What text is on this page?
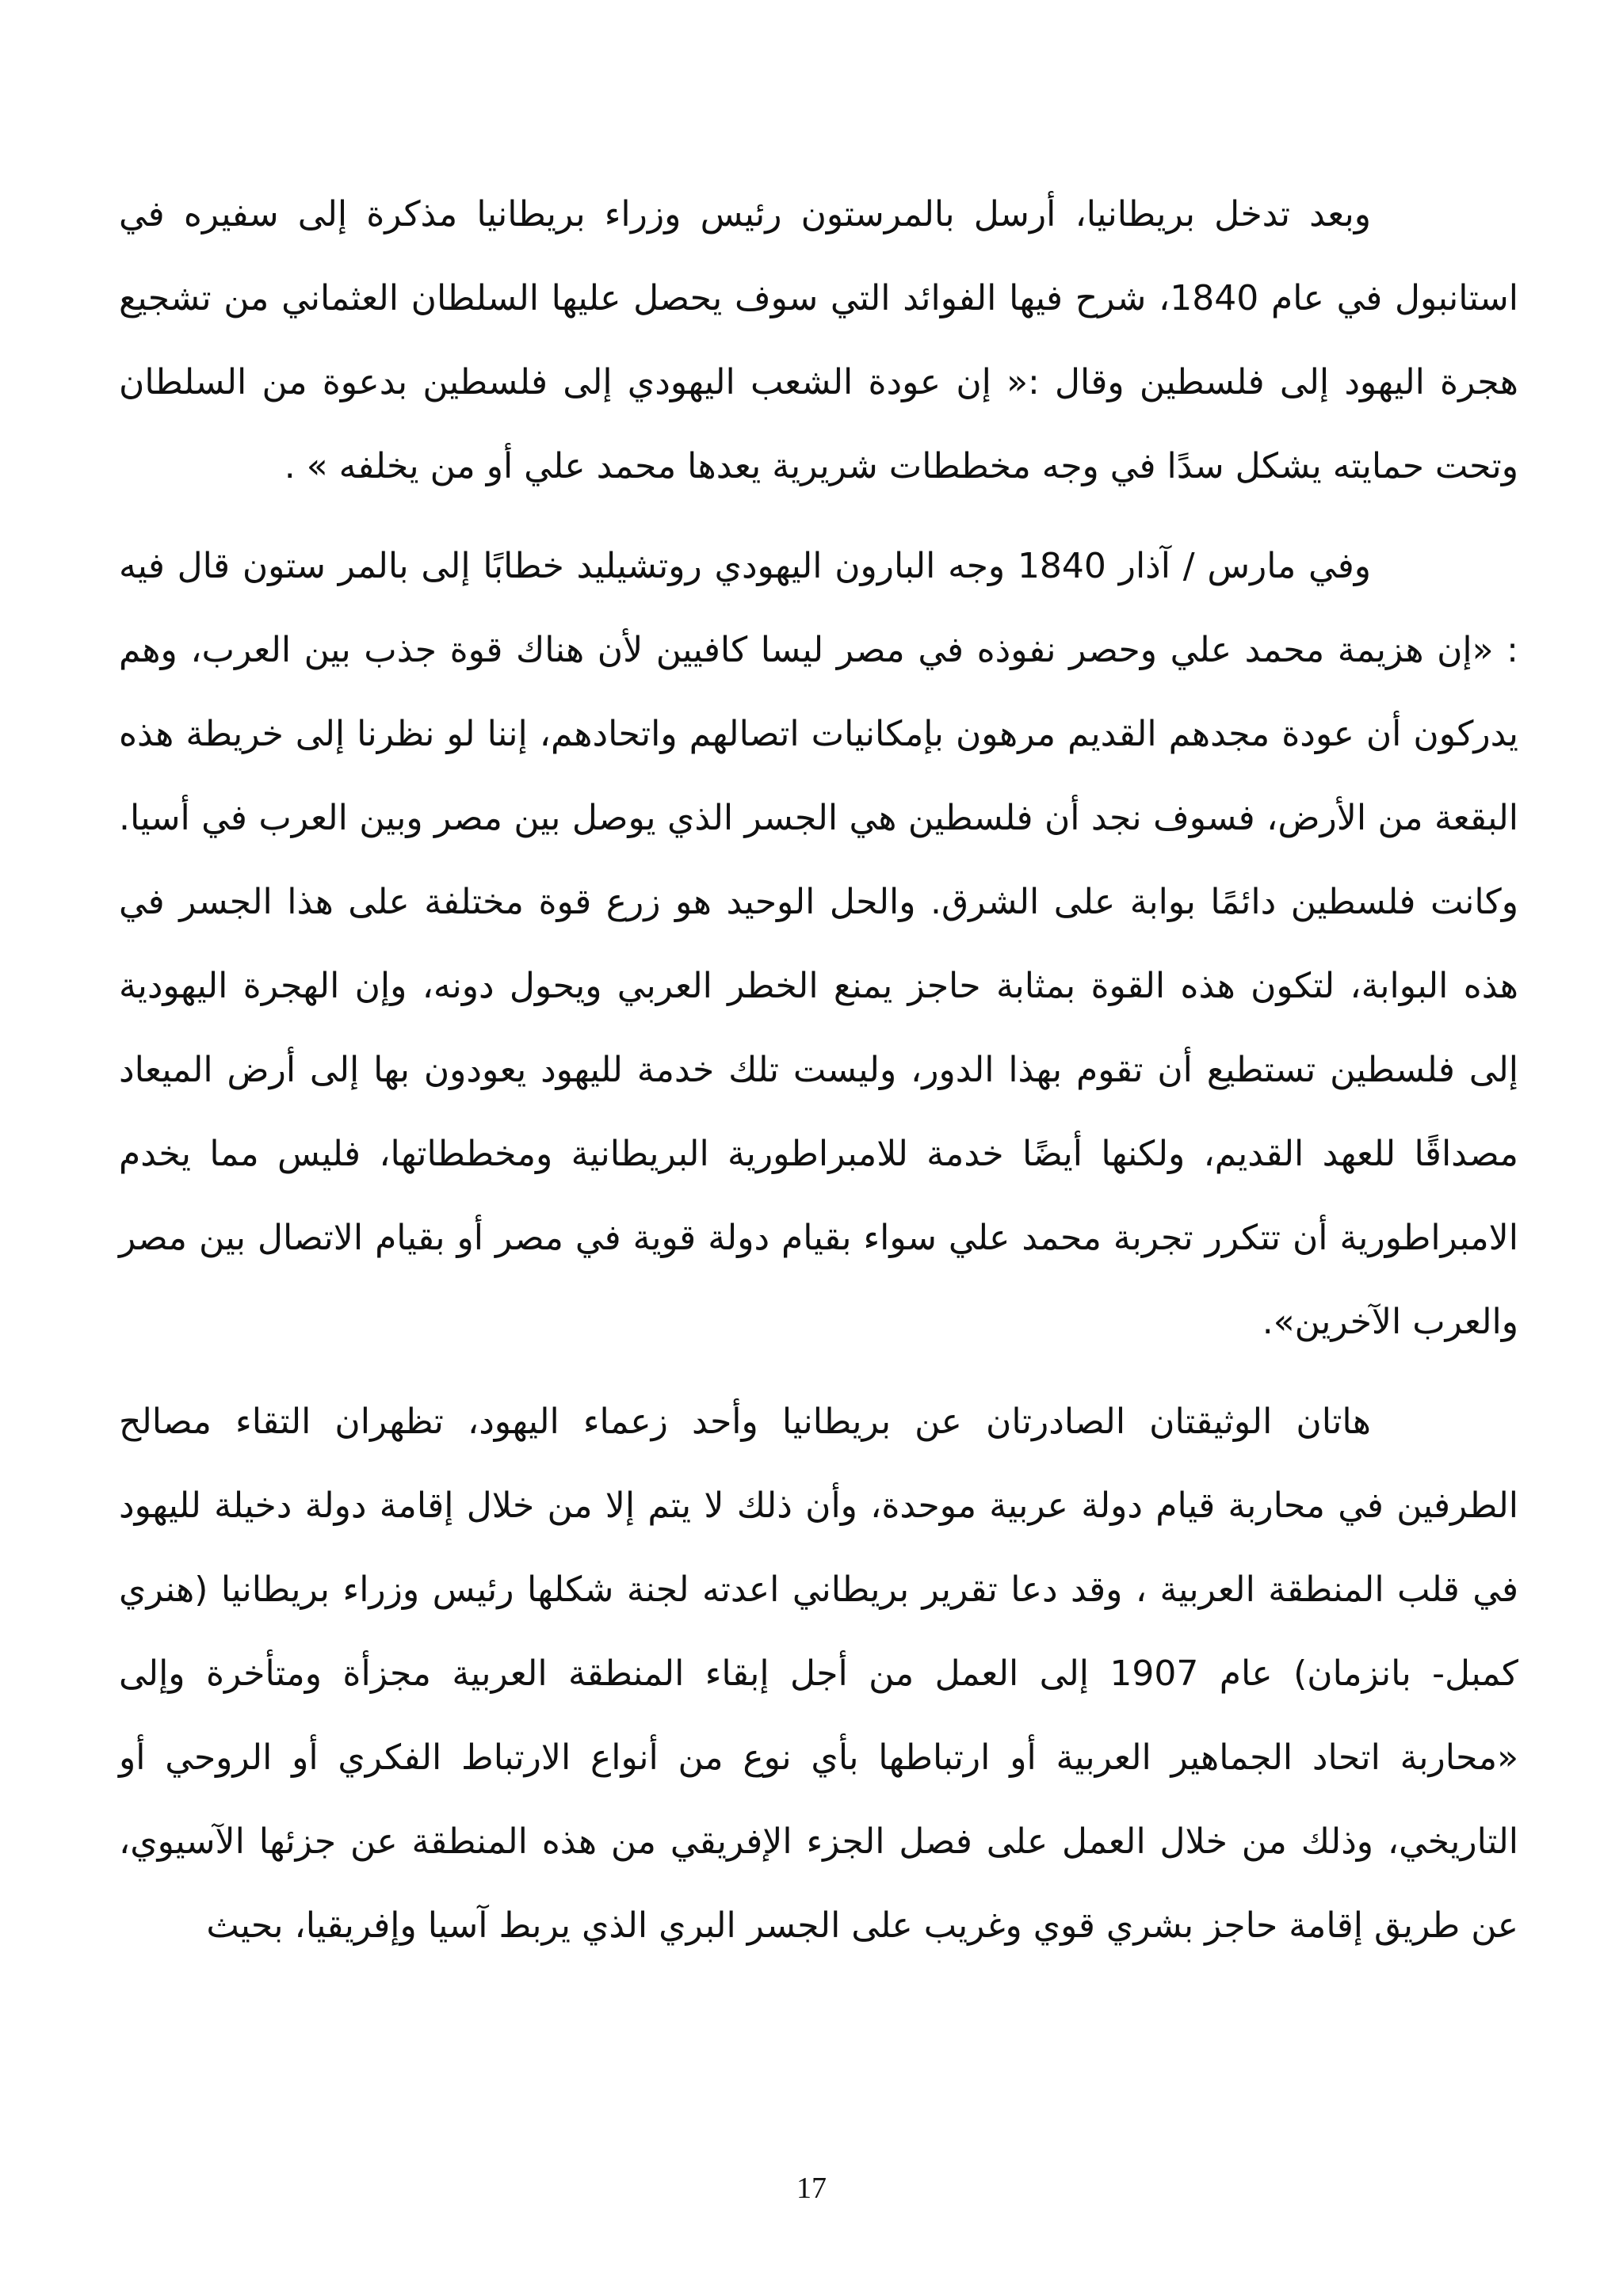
وبعد تدخل بريطانيا، أرسل بالمرستون رئيس وزراء بريطانيا مذكرة إلى سفيره في استانبول في عام 1840، شرح فيها الفوائد التي سوف يحصل عليها السلطان العثماني من تشجيع هجرة اليهود إلى فلسطين وقال :« إن عودة الشعب اليهودي إلى فلسطين بدعوة من السلطان وتحت حمايته يشكل سدًا في وجه مخططات شريرية يعدها محمد علي أو من يخلفه » .

وفي مارس / آذار 1840 وجه البارون اليهودي روتشيليد خطابًا إلى بالمر ستون قال فيه : «إن هزيمة محمد علي وحصر نفوذه في مصر ليسا كافيين لأن هناك قوة جذب بين العرب، وهم يدركون أن عودة مجدهم القديم مرهون بإمكانيات اتصالهم واتحادهم، إننا لو نظرنا إلى خريطة هذه البقعة من الأرض، فسوف نجد أن فلسطين هي الجسر الذي يوصل بين مصر وبين العرب في أسيا. وكانت فلسطين دائمًا بوابة على الشرق. والحل الوحيد هو زرع قوة مختلفة على هذا الجسر في هذه البوابة، لتكون هذه القوة بمثابة حاجز يمنع الخطر العربي ويحول دونه، وإن الهجرة اليهودية إلى فلسطين تستطيع أن تقوم بهذا الدور، وليست تلك خدمة لليهود يعودون بها إلى أرض الميعاد مصداقًا للعهد القديم، ولكنها أيضًا خدمة للامبراطورية البريطانية ومخططاتها، فليس مما يخدم الامبراطورية أن تتكرر تجربة محمد علي سواء بقيام دولة قوية في مصر أو بقيام الاتصال بين مصر والعرب الآخرين».

هاتان الوثيقتان الصادرتان عن بريطانيا وأحد زعماء اليهود، تظهران التقاء مصالح الطرفين في محاربة قيام دولة عربية موحدة، وأن ذلك لا يتم إلا من خلال إقامة دولة دخيلة لليهود في قلب المنطقة العربية ، وقد دعا تقرير بريطاني اعدته لجنة شكلها رئيس وزراء بريطانيا (هنري كمبل- بانزمان) عام 1907 إلى العمل من أجل إبقاء المنطقة العربية مجزأة ومتأخرة وإلى «محاربة اتحاد الجماهير العربية أو ارتباطها بأي نوع من أنواع الارتباط الفكري أو الروحي أو التاريخي، وذلك من خلال العمل على فصل الجزء الإفريقي من هذه المنطقة عن جزئها الآسيوي، عن طريق إقامة حاجز بشري قوي وغريب على الجسر البري الذي يربط آسيا وإفريقيا، بحيث

17
